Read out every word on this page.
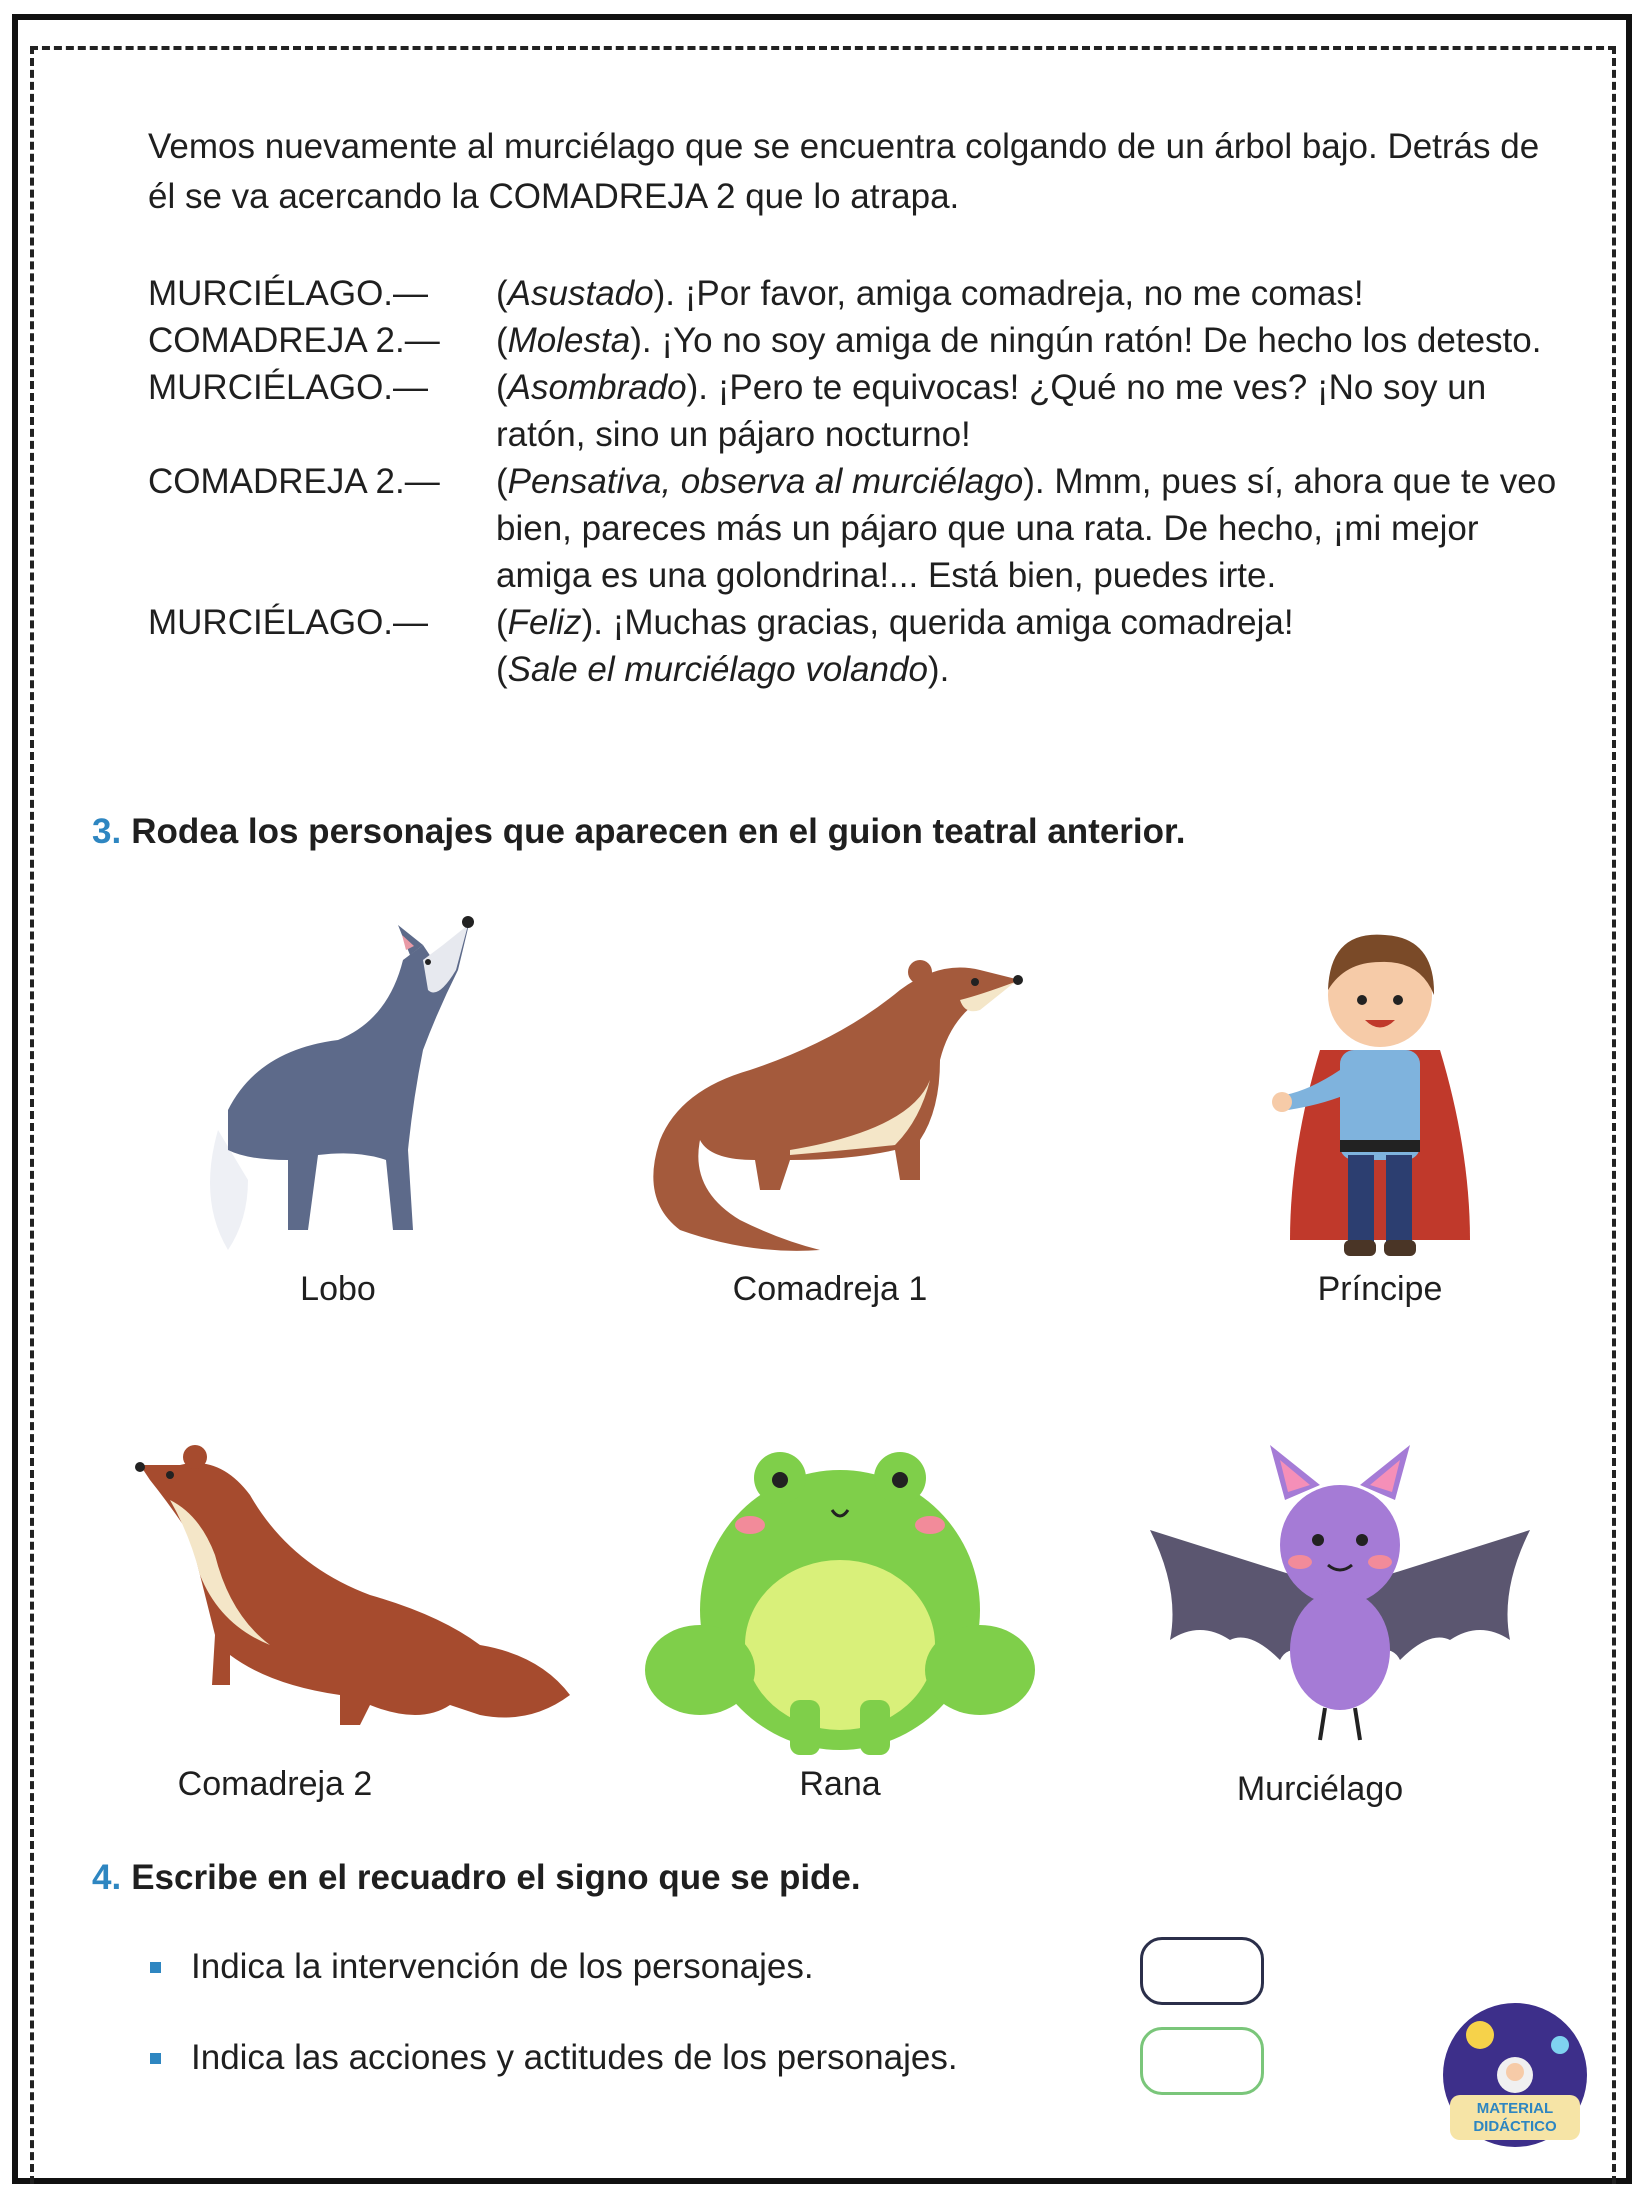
Vemos nuevamente al murciélago que se encuentra colgando de un árbol bajo. Detrás de él se va acercando la COMADREJA 2 que lo atrapa.

MURCIÉLAGO.—	(Asustado). ¡Por favor, amiga comadreja, no me comas!
COMADREJA 2.—	(Molesta). ¡Yo no soy amiga de ningún ratón! De hecho los detesto.
MURCIÉLAGO.—	(Asombrado). ¡Pero te equivocas! ¿Qué no me ves? ¡No soy un ratón, sino un pájaro nocturno!
COMADREJA 2.—	(Pensativa, observa al murciélago). Mmm, pues sí, ahora que te veo bien, pareces más un pájaro que una rata. De hecho, ¡mi mejor amiga es una golondrina!... Está bien, puedes irte.
MURCIÉLAGO.—	(Feliz). ¡Muchas gracias, querida amiga comadreja!
(Sale el murciélago volando).
3. Rodea los personajes que aparecen en el guion teatral anterior.
Lobo	Comadreja 1	Príncipe
Comadreja 2	Rana	Murciélago
4. Escribe en el recuadro el signo que se pide.
Indica la intervención de los personajes.
Indica las acciones y actitudes de los personajes.
MATERIAL
DIDÁCTICO
